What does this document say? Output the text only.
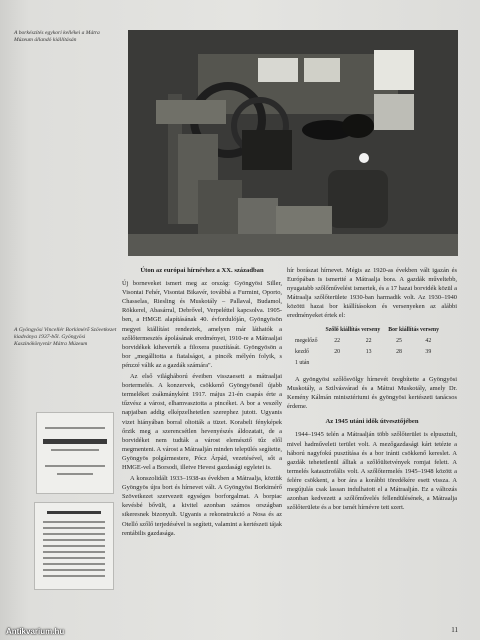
A borkészítés egykori kellékei a Mátra Múzeum állandó kiállításán
A Gyöngyösi Vincellér Borkimérő Szövetkezet kiadványa 1937-ből. Gyöngyösi Kaszinókönyvtár Mátra Múzeum
Úton az európai hírnévhez a XX. században

Új borneveket ismert meg az ország: Gyöngyösi Siller, Visontai Fehér, Visontai Bikavér, továbbá a Furmint, Oporto, Chasselas, Riesling és Muskotály – Pallaval, Budamol, Rökkerel, Abasárral, Debrővel, Verpeléttel kapcsolva. 1905-ben, a HMGE alapításának 40. évfordulóján, Gyöngyösön megyei kiállítást rendeztek, amelyen már láthatók a szőlőtermesztés ápolásának eredményei, 1910-re a Mátraaljai borvidékek kiheverték a filoxera pusztítását. Gyöngyösön a bor „megálltotta a fiatalságot, a pincék mélyén folyik, s pénzzé válik az a gazdák számára".

Az első világháború éveiben visszaesett a mátraaljai bortermelés. A konzervek, csökkenő Gyöngyösnél újabb termeléket zsákmányként 1917. május 21-én csapás érte a tűzvész a várost, elhamvasztotta a pincéket. A bor a veszély napjaiban addig elképzelhetetlen szerephez jutott. Ugyanis vizet hiányában borral oltották a tüzet. Korabeli fényképek őrzik meg a szerencsétlen hevenyészés áldozatait, de a borvidéket nem tudták a várost elemésztő tűz elől megmenteni. A várost a Mátraalján minden település segítette, Gyöngyös polgármestere, Pócz Árpád, vezetésével, sőt a HMGE-vel a Borsodi, illetve Hevesi gazdasági egyletei is.

A konszolidált 1933–1938-as években a Mátraalja, köztük Gyöngyös újra bort és hírnevet vált. A Gyöngyösi Borkimérő Szövetkezet szervezett egységes borforgalmat. A borpiac kevésbé bővült, a kivitel azonban számos országban sikeresnek bizonyult. Ugyanis a rekonstrukció a Nosa és az Otelló szőlő terjedésével is segített, valamint a kertészeti tájak rentábilis gazdasága.

hír borászat hírnevet. Mégis az 1920-as években vált igazán és Európában is ismertté a Mátraalja bora. A gazdák műveltebb, nyugatabb szőlőművelést ismertek, és a 17 hazai borvidék közül a Mátraalja szőlőterülete 1930-ban harmadik volt. Az 1930–1940 közötti hazai bor kiállításokon és versenyeken az alábbi eredményeket értek el:

	Szőlő kiállítás verseny		Bor kiállítás verseny	
megelőző	22	22	25	42
kezdő	20	13	28	39
1 után				

A gyöngyösi szőlősvölgy hírnevét öregbítette a Gyöngyösi Muskotály, a Szilvásvárad és a Mátrai Muskotály, amely Dr. Kemény Kálmán minisztériumi és gyöngyösi kertészeti tanácsos érdeme.

Az 1945 utáni idők útvesztőjében

1944–1945 telén a Mátraalján több szőlőterület is elpusztult, mivel hadműveleti terület volt. A mezőgazdasági kárt tetézte a háború nagyfokú pusztítása és a bor iránti csökkenő kereslet. A gazdák tehetetlenül álltak a szőlőültetvények romjai felett. A termelés katasztrofális volt. A szőlőtermelés 1945–1948 között a felére csökkent, a bor ára a korábbi töredékére esett vissza. A megújulás csak lassan indulhatott el a Mátraalján. Ez a változás azonban kedvezett a szőlőművelés fellendülésének, a Mátraalja szőlőterülete és a bor ismét hírnévre tett szert.

11
Antikvarium.hu
